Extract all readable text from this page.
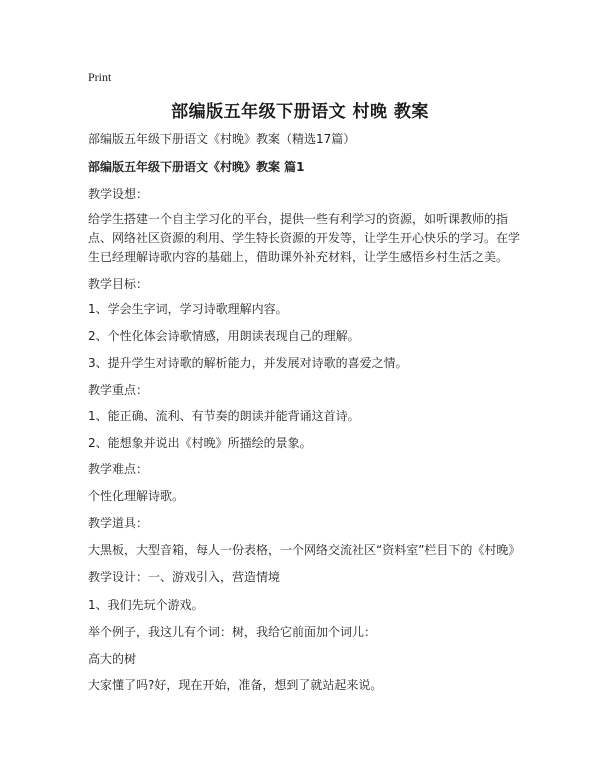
Print
部编版五年级下册语文 村晚 教案
部编版五年级下册语文《村晚》教案（精选17篇）
部编版五年级下册语文《村晚》教案 篇1
教学设想：
给学生搭建一个自主学习化的平台，提供一些有利学习的资源，如听课教师的指点、网络社区资源的利用、学生特长资源的开发等，让学生开心快乐的学习。在学生已经理解诗歌内容的基础上，借助课外补充材料，让学生感悟乡村生活之美。
教学目标：
1、学会生字词，学习诗歌理解内容。
2、个性化体会诗歌情感，用朗读表现自己的理解。
3、提升学生对诗歌的解析能力，并发展对诗歌的喜爱之情。
教学重点：
1、能正确、流利、有节奏的朗读并能背诵这首诗。
2、能想象并说出《村晚》所描绘的景象。
教学难点：
个性化理解诗歌。
教学道具：
大黑板，大型音箱，每人一份表格，一个网络交流社区“资料室”栏目下的《村晚》
教学设计：一、游戏引入，营造情境
1、我们先玩个游戏。
举个例子，我这儿有个词：树，我给它前面加个词儿：
高大的树
大家懂了吗?好，现在开始，准备，想到了就站起来说。
